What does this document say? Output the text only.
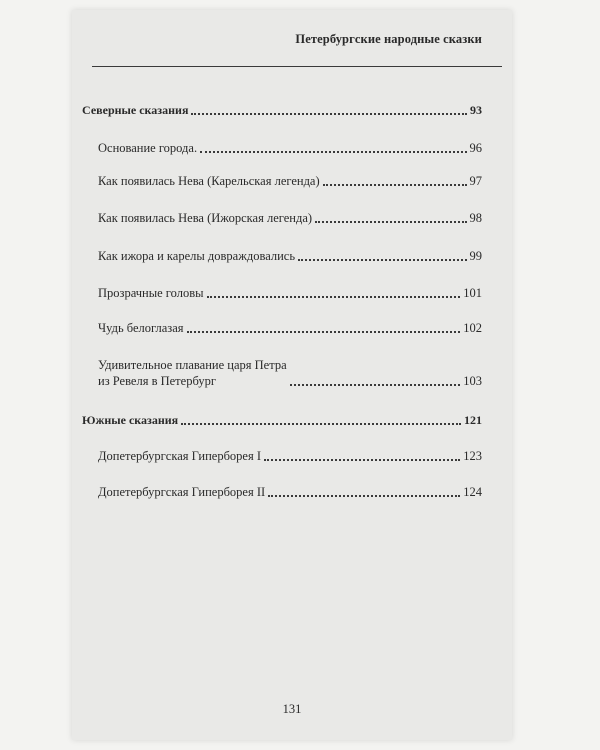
Петербургские народные сказки
Северные сказания	93
Основание города.	96
Как появилась Нева (Карельская легенда)	97
Как появилась Нева (Ижорская легенда)	98
Как ижора и карелы довраждовались	99
Прозрачные головы	101
Чудь белоглазая	102
Удивительное плавание царя Петра
из Ревеля в Петербург	103
Южные сказания	121
Допетербургская Гиперборея I	123
Допетербургская Гиперборея II	124
131
